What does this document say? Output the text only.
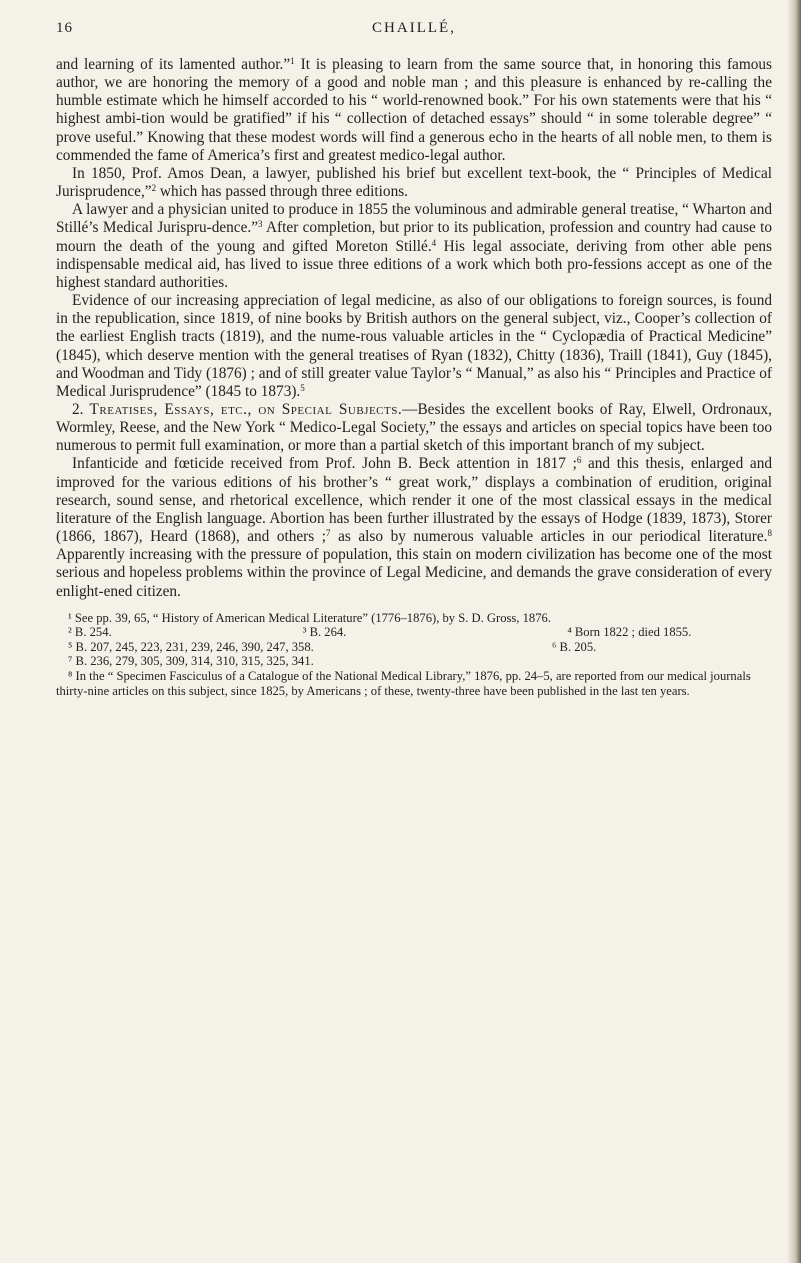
16	CHAILLÉ,

and learning of its lamented author.”$^1$ It is pleasing to learn from the same source that, in honoring this famous author, we are honoring the memory of a good and noble man ; and this pleasure is enhanced by re-calling the humble estimate which he himself accorded to his “ world-renowned book.” For his own statements were that his “ highest ambi-tion would be gratified” if his “ collection of detached essays” should “ in some tolerable degree” “ prove useful.” Knowing that these modest words will find a generous echo in the hearts of all noble men, to them is commended the fame of America’s first and greatest medico-legal author.

In 1850, Prof. Amos Dean, a lawyer, published his brief but excellent text-book, the “ Principles of Medical Jurisprudence,”$^2$ which has passed through three editions.

A lawyer and a physician united to produce in 1855 the voluminous and admirable general treatise, “ Wharton and Stillé’s Medical Jurispru-dence.”$^3$ After completion, but prior to its publication, profession and country had cause to mourn the death of the young and gifted Moreton Stillé.$^4$ His legal associate, deriving from other able pens indispensable medical aid, has lived to issue three editions of a work which both pro-fessions accept as one of the highest standard authorities.

Evidence of our increasing appreciation of legal medicine, as also of our obligations to foreign sources, is found in the republication, since 1819, of nine books by British authors on the general subject, viz., Cooper’s collection of the earliest English tracts (1819), and the nume-rous valuable articles in the “ Cyclopædia of Practical Medicine” (1845), which deserve mention with the general treatises of Ryan (1832), Chitty (1836), Traill (1841), Guy (1845), and Woodman and Tidy (1876) ; and of still greater value Taylor’s “ Manual,” as also his “ Principles and Practice of Medical Jurisprudence” (1845 to 1873).$^5$

2. Treatises, Essays, etc., on Special Subjects.—Besides the excellent books of Ray, Elwell, Ordronaux, Wormley, Reese, and the New York “ Medico-Legal Society,” the essays and articles on special topics have been too numerous to permit full examination, or more than a partial sketch of this important branch of my subject.

Infanticide and fœticide received from Prof. John B. Beck attention in 1817 ;$^6$ and this thesis, enlarged and improved for the various editions of his brother’s “ great work,” displays a combination of erudition, original research, sound sense, and rhetorical excellence, which render it one of the most classical essays in the medical literature of the English language. Abortion has been further illustrated by the essays of Hodge (1839, 1873), Storer (1866, 1867), Heard (1868), and others ;$^7$ as also by numerous valuable articles in our periodical literature.$^8$ Apparently increasing with the pressure of population, this stain on modern civilization has become one of the most serious and hopeless problems within the province of Legal Medicine, and demands the grave consideration of every enlight-ened citizen.

¹ See pp. 39, 65, “ History of American Medical Literature” (1776–1876), by S. D. Gross, 1876.

² B. 254.	³ B. 264.	⁴ Born 1822 ; died 1855.
⁵ B. 207, 245, 223, 231, 239, 246, 390, 247, 358.	⁶ B. 205.

⁷ B. 236, 279, 305, 309, 314, 310, 315, 325, 341.

⁸ In the “ Specimen Fasciculus of a Catalogue of the National Medical Library,” 1876, pp. 24–5, are reported from our medical journals thirty-nine articles on this subject, since 1825, by Americans ; of these, twenty-three have been published in the last ten years.
